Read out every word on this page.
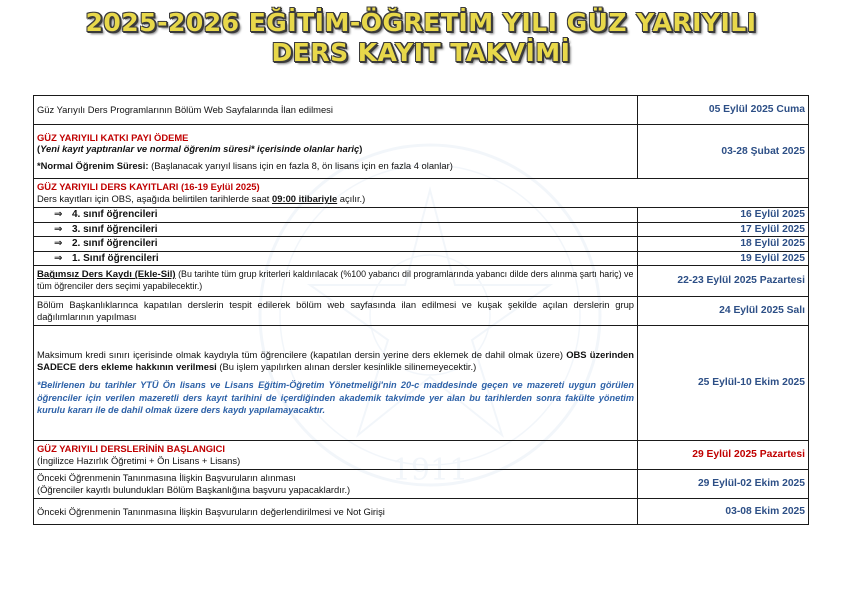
2025-2026 EĞİTİM-ÖĞRETİM YILI GÜZ YARIYILI
DERS KAYIT TAKVİMİ
Güz Yarıyılı Ders Programlarının Bölüm Web Sayfalarında İlan edilmesi	05 Eylül 2025 Cuma

GÜZ YARIYILI KATKI PAYI ÖDEME
(Yeni kayıt yaptıranlar ve normal öğrenim süresi* içerisinde olanlar hariç)
*Normal Öğrenim Süresi: (Başlanacak yarıyıl lisans için en fazla 8, ön lisans için en fazla 4 olanlar)	03-28 Şubat 2025

GÜZ YARIYILI DERS KAYITLARI (16-19 Eylül 2025)
Ders kayıtları için OBS, aşağıda belirtilen tarihlerde saat 09:00 itibariyle açılır.)	

⇒ 4. sınıf öğrencileri	16 Eylül 2025
⇒ 3. sınıf öğrencileri	17 Eylül 2025
⇒ 2. sınıf öğrencileri	18 Eylül 2025
⇒ 1. Sınıf öğrencileri	19 Eylül 2025
Bağımsız Ders Kaydı (Ekle-Sil) (Bu tarihte tüm grup kriterleri kaldırılacak (%100 yabancı dil programlarında yabancı dilde ders alınma şartı hariç) ve tüm öğrenciler ders seçimi yapabilecektir.)	22-23 Eylül 2025 Pazartesi
Bölüm Başkanlıklarınca kapatılan derslerin tespit edilerek bölüm web sayfasında ilan edilmesi ve kuşak şekilde açılan derslerin grup dağılımlarının yapılması	24 Eylül 2025 Salı

Maksimum kredi sınırı içerisinde olmak kaydıyla tüm öğrencilere (kapatılan dersin yerine ders eklemek de dahil olmak üzere) OBS üzerinden SADECE ders ekleme hakkının verilmesi (Bu işlem yapılırken alınan dersler kesinlikle silinemeyecektir.)
*Belirlenen bu tarihler YTÜ Ön lisans ve Lisans Eğitim-Öğretim Yönetmeliği'nin 20-c maddesinde geçen ve mazereti uygun görülen öğrenciler için verilen mazeretli ders kayıt tarihini de içerdiğinden akademik takvimde yer alan bu tarihlerden sonra fakülte yönetim kurulu kararı ile de dahil olmak üzere ders kaydı yapılamayacaktır.	25 Eylül-10 Ekim 2025

GÜZ YARIYILI DERSLERİNİN BAŞLANGICI
(İngilizce Hazırlık Öğretimi + Ön Lisans + Lisans)	29 Eylül 2025 Pazartesi

Önceki Öğrenmenin Tanınmasına İlişkin Başvuruların alınması
(Öğrenciler kayıtlı bulundukları Bölüm Başkanlığına başvuru yapacaklardır.)	29 Eylül-02 Ekim 2025
Önceki Öğrenmenin Tanınmasına İlişkin Başvuruların değerlendirilmesi ve Not Girişi	03-08 Ekim 2025
